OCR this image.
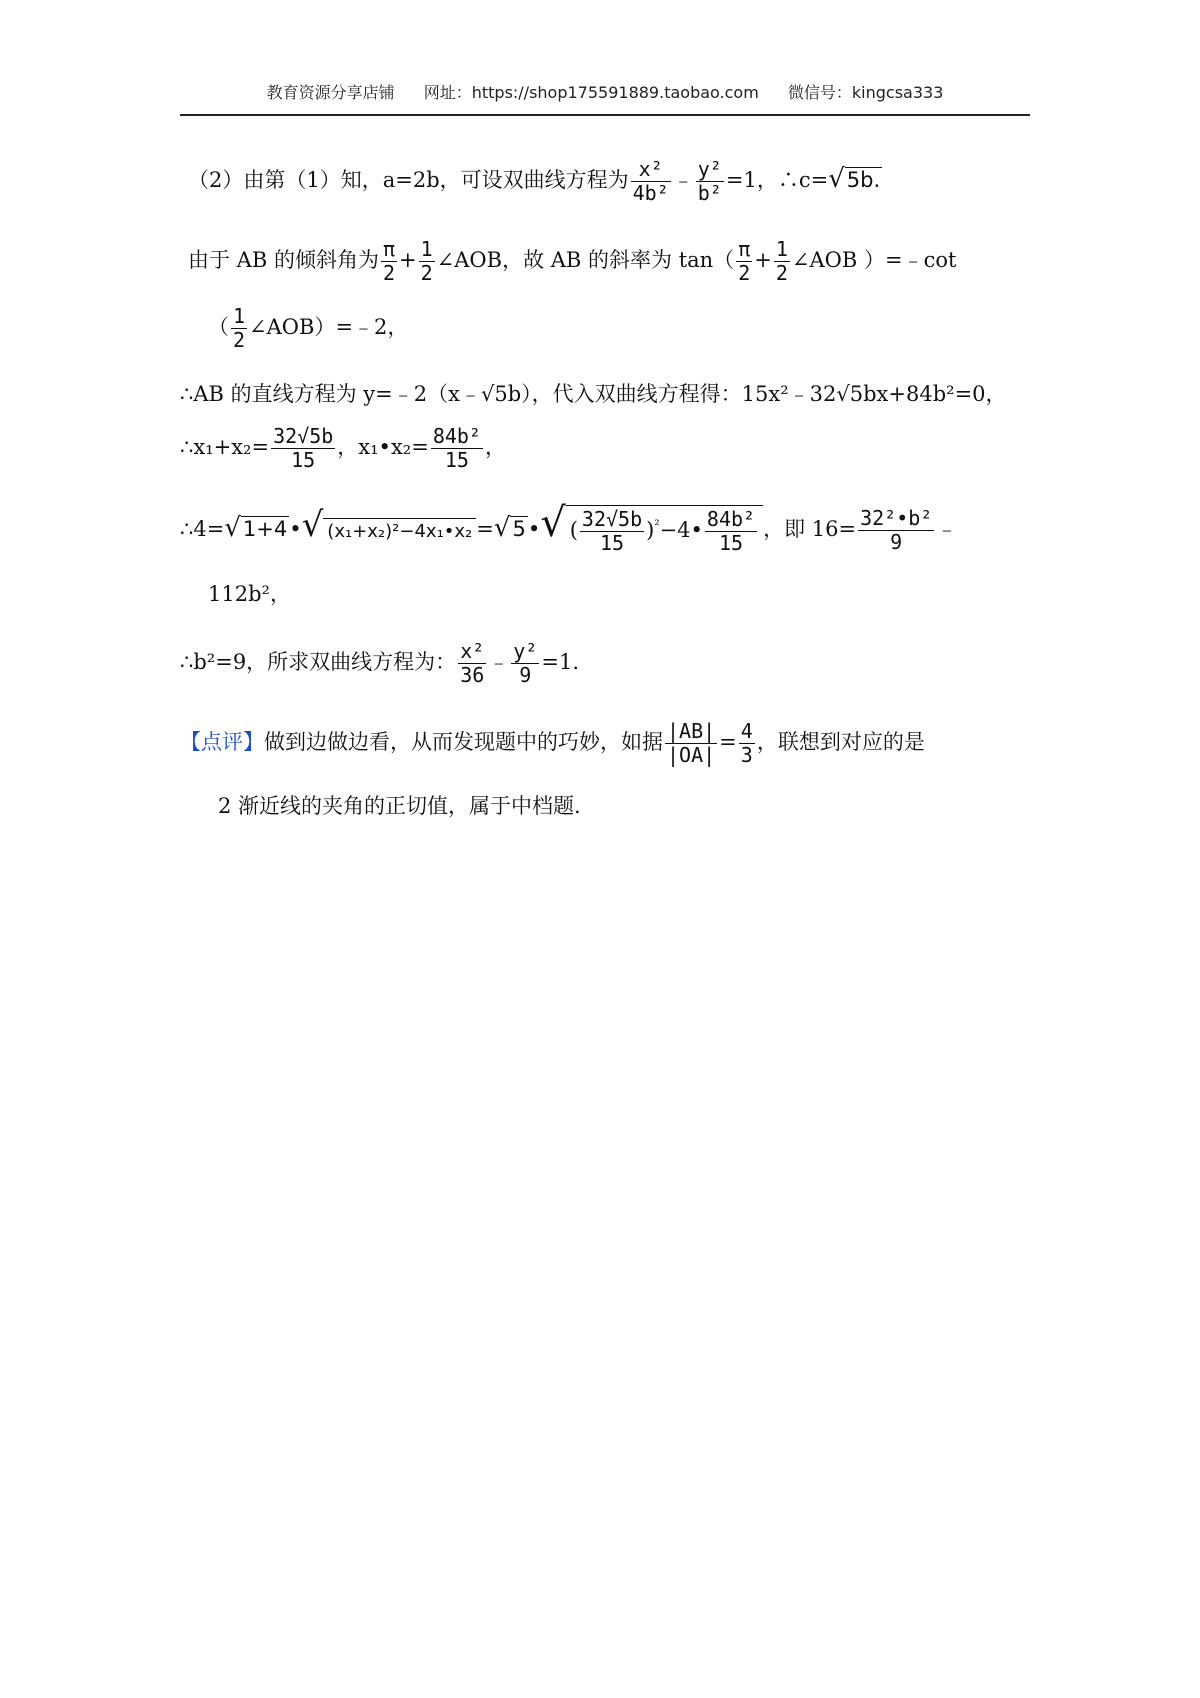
教育资源分享店铺 网址：https://shop175591889.taobao.com 微信号：kingcsa333
（2）由第（1）知，a=2b，可设双曲线方程为 $\frac{\text{x²}}{\text{4b²}}$ ﹣ $\frac{\text{y²}}{\text{b²}} =1$，∴c=√5b.
由于 AB 的倾斜角为 $\frac{\pi}{2} + \frac{1}{2}$ ∠AOB，故 AB 的斜率为 $\tan( \frac{\pi}{2} + \frac{1}{2}$ ∠AOB ）=﹣cot
（ $\frac{1}{2}$ ∠AOB）=﹣2，
∴AB 的直线方程为 y=﹣2（x﹣√5b），代入双曲线方程得：15x²﹣32√5bx+84b²=0，
∴x₁+x₂= $\frac{32√5b}{15}$ ，x₁•x₂= $\frac{\text{84b²}}{15}$ ，
∴4=√1+4•√ (x₁+x₂)²−4x₁•x₂ =√5•√ ( $\frac{32√5b}{15}$ )$^{^2}$−4• $\frac{\text{84b²}}{15}$ ，即 $16= \frac{\text{32²•b²}}{9}$ ﹣
112b²，
∴b²=9，所求双曲线方程为： $\frac{\text{x²}}{36}$ ﹣ $\frac{\text{y²}}{9} =1$.
【点评】做到边做边看，从而发现题中的巧妙，如据 $\frac{|AB|}{|OA|} = \frac{4}{3}$ ，联想到对应的是
2 渐近线的夹角的正切值，属于中档题.
